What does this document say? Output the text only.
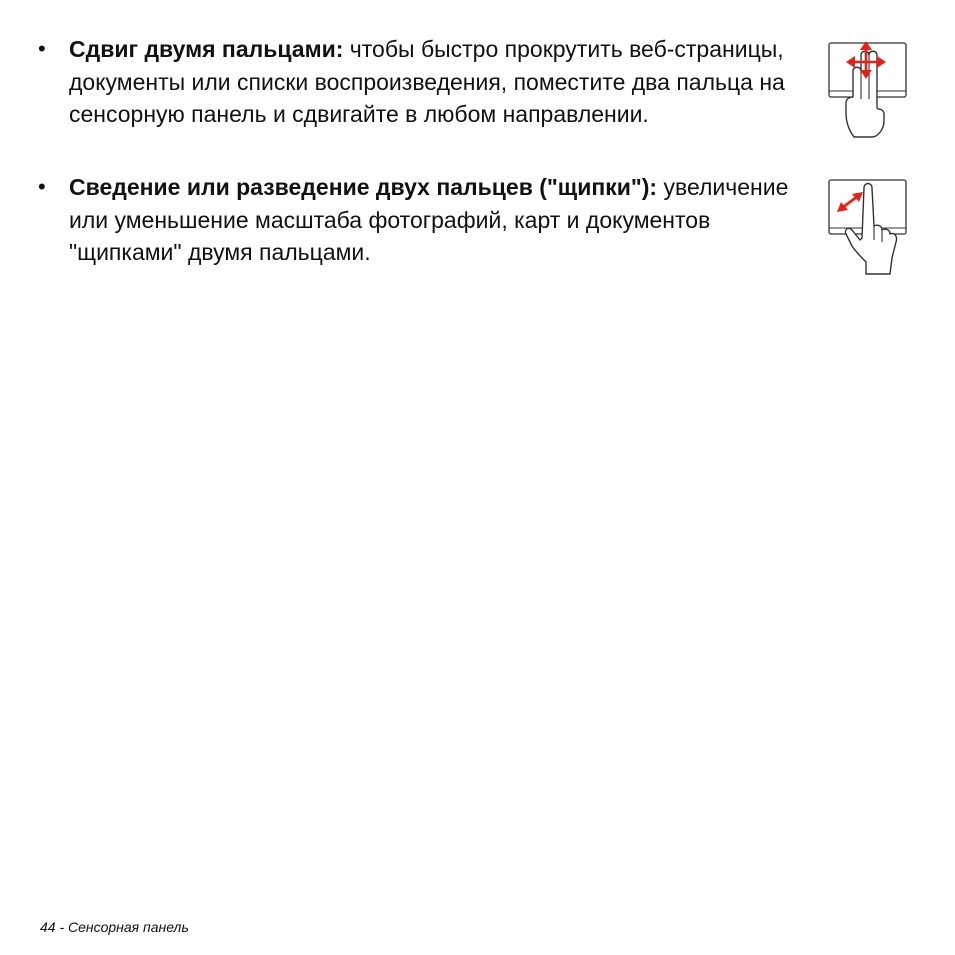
• Сдвиг двумя пальцами: чтобы быстро прокрутить веб-страницы, документы или списки воспроизведения, поместите два пальца на сенсорную панель и сдвигайте в любом направлении.
• Сведение или разведение двух пальцев ("щипки"): увеличение или уменьшение масштаба фотографий, карт и документов "щипками" двумя пальцами.
44 - Сенсорная панель
